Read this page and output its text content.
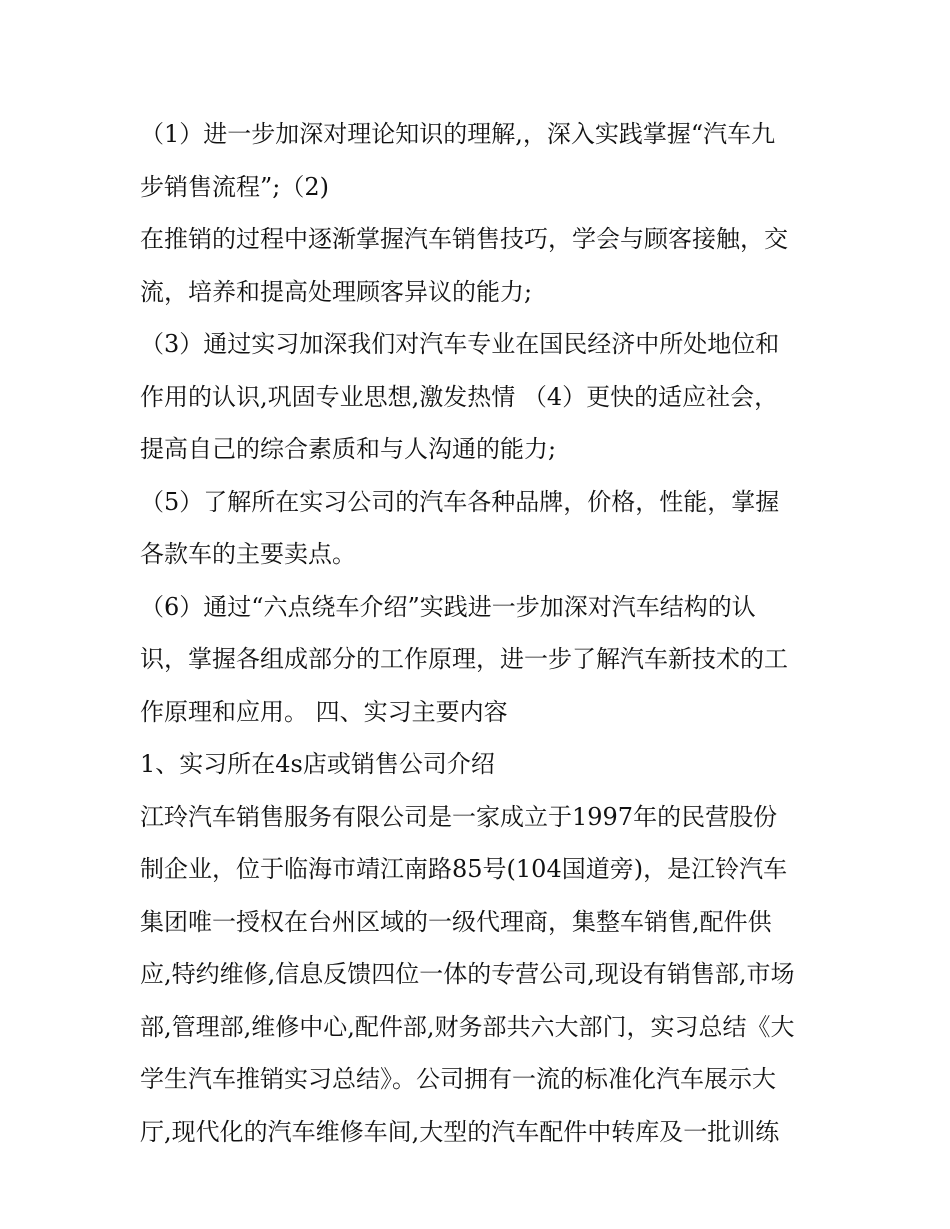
（1）进一步加深对理论知识的理解,，深入实践掌握“汽车九
步销售流程”;（2)
在推销的过程中逐渐掌握汽车销售技巧，学会与顾客接触，交
流，培养和提高处理顾客异议的能力;
（3）通过实习加深我们对汽车专业在国民经济中所处地位和
作用的认识,巩固专业思想,激发热情 （4）更快的适应社会，
提高自己的综合素质和与人沟通的能力;
（5）了解所在实习公司的汽车各种品牌，价格，性能，掌握
各款车的主要卖点。
（6）通过“六点绕车介绍”实践进一步加深对汽车结构的认
识，掌握各组成部分的工作原理，进一步了解汽车新技术的工
作原理和应用。 四、实习主要内容
1、实习所在4s店或销售公司介绍
江玲汽车销售服务有限公司是一家成立于1997年的民营股份
制企业，位于临海市靖江南路85号(104国道旁)，是江铃汽车
集团唯一授权在台州区域的一级代理商，集整车销售,配件供
应,特约维修,信息反馈四位一体的专营公司,现设有销售部,市场
部,管理部,维修中心,配件部,财务部共六大部门，实习总结《大
学生汽车推销实习总结》。公司拥有一流的标准化汽车展示大
厅,现代化的汽车维修车间,大型的汽车配件中转库及一批训练
